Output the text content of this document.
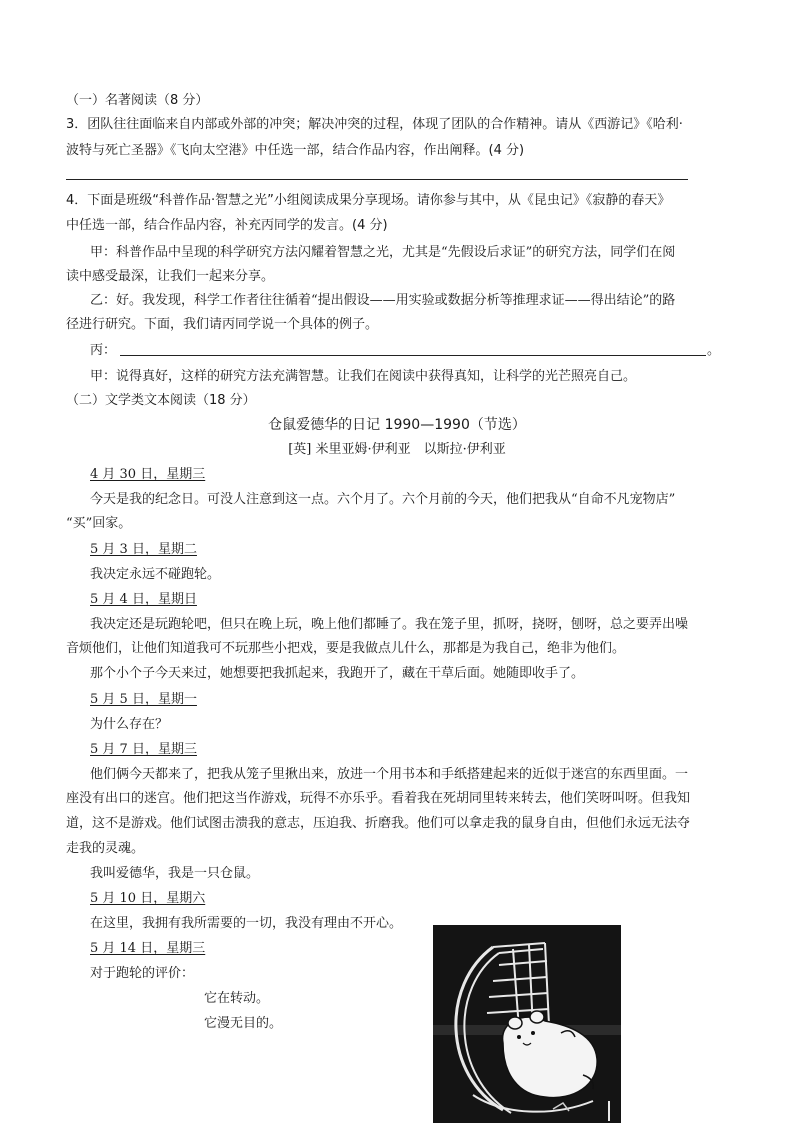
（一）名著阅读（8 分）
3．团队往往面临来自内部或外部的冲突；解决冲突的过程，体现了团队的合作精神。请从《西游记》《哈利·
波特与死亡圣器》《飞向太空港》中任选一部，结合作品内容，作出阐释。(4 分)
4．下面是班级“科普作品·智慧之光”小组阅读成果分享现场。请你参与其中，从《昆虫记》《寂静的春天》
中任选一部，结合作品内容，补充丙同学的发言。(4 分)
甲：科普作品中呈现的科学研究方法闪耀着智慧之光，尤其是“先假设后求证”的研究方法，同学们在阅
读中感受最深，让我们一起来分享。
乙：好。我发现，科学工作者往往循着“提出假设——用实验或数据分析等推理求证——得出结论”的路
径进行研究。下面，我们请丙同学说一个具体的例子。
丙：	。
甲：说得真好，这样的研究方法充满智慧。让我们在阅读中获得真知，让科学的光芒照亮自己。
（二）文学类文本阅读（18 分）
仓鼠爱德华的日记 1990—1990（节选）
[英] 米里亚姆·伊利亚　以斯拉·伊利亚
4 月 30 日，星期三
今天是我的纪念日。可没人注意到这一点。六个月了。六个月前的今天，他们把我从“自命不凡宠物店”
“买”回家。
5 月 3 日，星期二
我决定永远不碰跑轮。
5 月 4 日，星期日
我决定还是玩跑轮吧，但只在晚上玩，晚上他们都睡了。我在笼子里，抓呀，挠呀，刨呀，总之要弄出噪
音烦他们，让他们知道我可不玩那些小把戏，要是我做点儿什么，那都是为我自己，绝非为他们。
那个小个子今天来过，她想要把我抓起来，我跑开了，藏在干草后面。她随即收手了。
5 月 5 日，星期一
为什么存在？
5 月 7 日，星期三
他们俩今天都来了，把我从笼子里揪出来，放进一个用书本和手纸搭建起来的近似于迷宫的东西里面。一
座没有出口的迷宫。他们把这当作游戏，玩得不亦乐乎。看着我在死胡同里转来转去，他们笑呀叫呀。但我知
道，这不是游戏。他们试图击溃我的意志，压迫我、折磨我。他们可以拿走我的鼠身自由，但他们永远无法夺
走我的灵魂。
我叫爱德华，我是一只仓鼠。
5 月 10 日，星期六
在这里，我拥有我所需要的一切，我没有理由不开心。
5 月 14 日，星期三
对于跑轮的评价：
它在转动。
它漫无目的。
